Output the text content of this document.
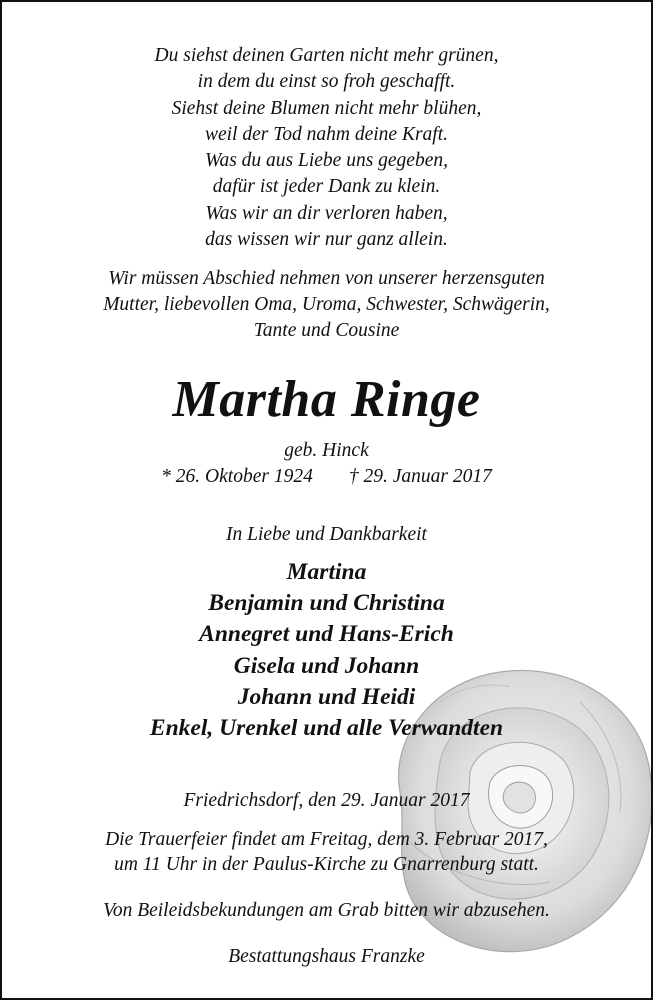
Du siehst deinen Garten nicht mehr grünen,
in dem du einst so froh geschafft.
Siehst deine Blumen nicht mehr blühen,
weil der Tod nahm deine Kraft.
Was du aus Liebe uns gegeben,
dafür ist jeder Dank zu klein.
Was wir an dir verloren haben,
das wissen wir nur ganz allein.
Wir müssen Abschied nehmen von unserer herzensguten
Mutter, liebevollen Oma, Uroma, Schwester, Schwägerin,
Tante und Cousine
Martha Ringe
geb. Hinck
* 26. Oktober 1924 † 29. Januar 2017
In Liebe und Dankbarkeit
Martina
Benjamin und Christina
Annegret und Hans-Erich
Gisela und Johann
Johann und Heidi
Enkel, Urenkel und alle Verwandten
Friedrichsdorf, den 29. Januar 2017
Die Trauerfeier findet am Freitag, dem 3. Februar 2017,
um 11 Uhr in der Paulus-Kirche zu Gnarrenburg statt.
Von Beileidsbekundungen am Grab bitten wir abzusehen.
Bestattungshaus Franzke
